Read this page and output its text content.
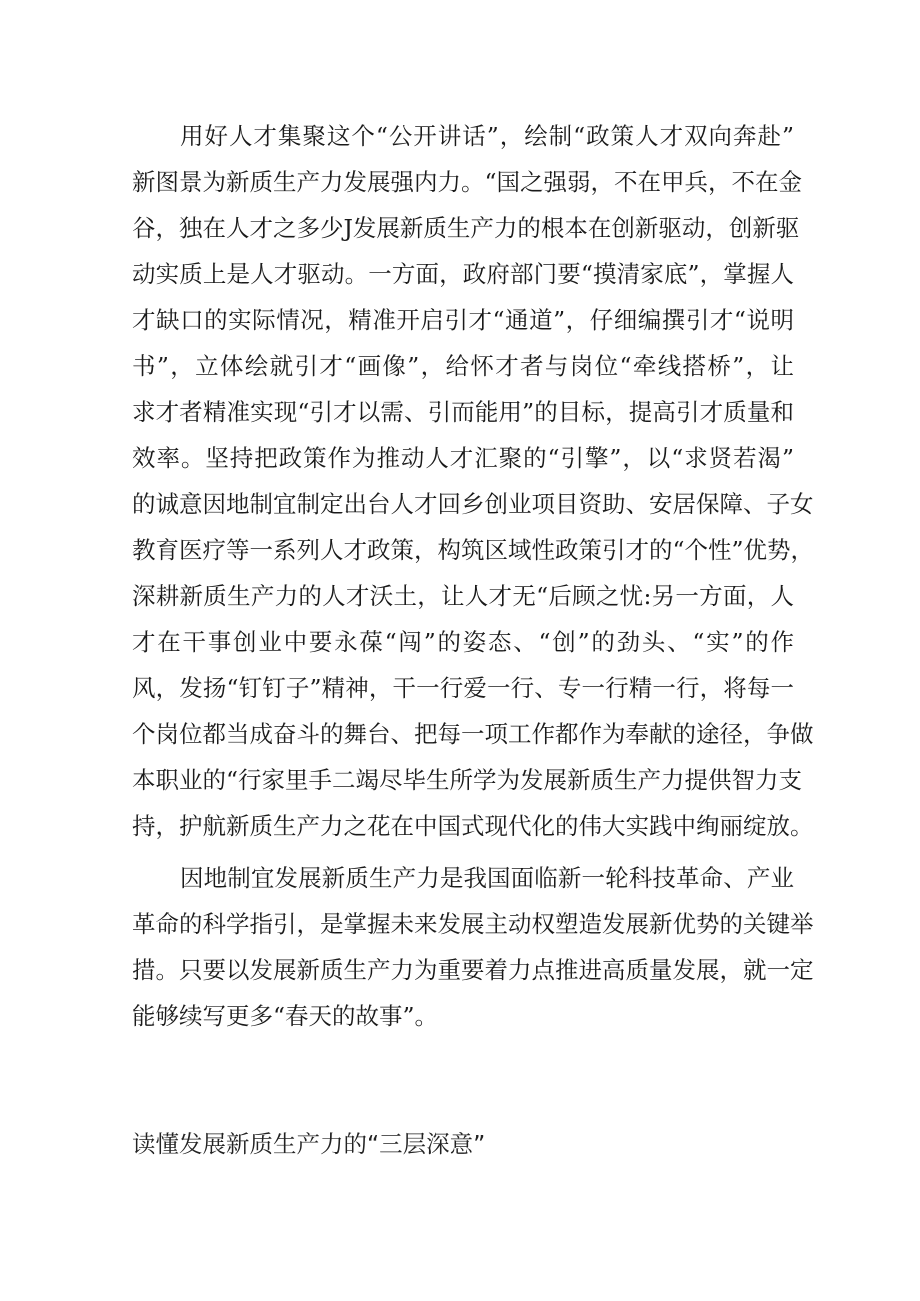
用好人才集聚这个“公开讲话”，绘制“政策人才双向奔赴”
新图景为新质生产力发展强内力。“国之强弱，不在甲兵，不在金
谷，独在人才之多少J发展新质生产力的根本在创新驱动，创新驱
动实质上是人才驱动。一方面，政府部门要“摸清家底”，掌握人
才缺口的实际情况，精准开启引才“通道”，仔细编撰引才“说明
书”，立体绘就引才“画像”，给怀才者与岗位“牵线搭桥”，让
求才者精准实现“引才以需、引而能用”的目标，提高引才质量和
效率。坚持把政策作为推动人才汇聚的“引擎”，以“求贤若渴”
的诚意因地制宜制定出台人才回乡创业项目资助、安居保障、子女
教育医疗等一系列人才政策，构筑区域性政策引才的“个性”优势，
深耕新质生产力的人才沃土，让人才无“后顾之忧:另一方面，人
才在干事创业中要永葆“闯”的姿态、“创”的劲头、“实”的作
风，发扬“钉钉子”精神，干一行爱一行、专一行精一行，将每一
个岗位都当成奋斗的舞台、把每一项工作都作为奉献的途径，争做
本职业的“行家里手二竭尽毕生所学为发展新质生产力提供智力支
持，护航新质生产力之花在中国式现代化的伟大实践中绚丽绽放。
因地制宜发展新质生产力是我国面临新一轮科技革命、产业
革命的科学指引，是掌握未来发展主动权塑造发展新优势的关键举
措。只要以发展新质生产力为重要着力点推进高质量发展，就一定
能够续写更多“春天的故事”。
读懂发展新质生产力的“三层深意”
